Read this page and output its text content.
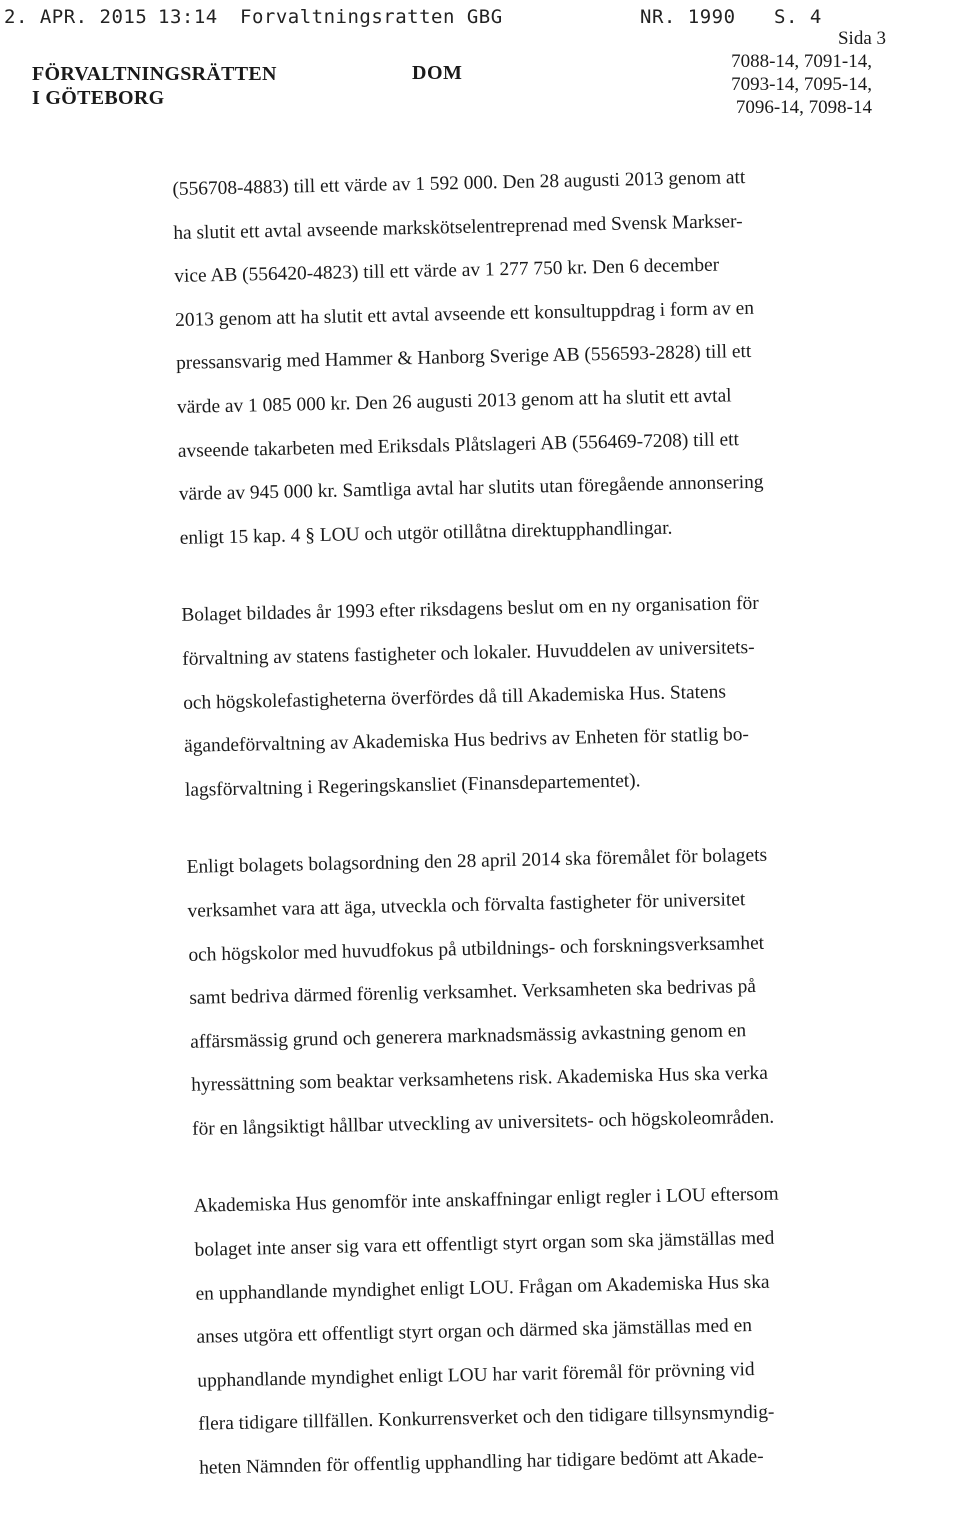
2. APR. 2015 13:14 Forvaltningsratten GBG	NR. 1990 S. 4
FÖRVALTNINGSRÄTTEN
I GÖTEBORG
DOM
Sida 3
7088-14, 7091-14,
7093-14, 7095-14,
7096-14, 7098-14
(556708-4883) till ett värde av 1 592 000. Den 28 augusti 2013 genom att
ha slutit ett avtal avseende markskötselentreprenad med Svensk Markser-
vice AB (556420-4823) till ett värde av 1 277 750 kr. Den 6 december
2013 genom att ha slutit ett avtal avseende ett konsultuppdrag i form av en
pressansvarig med Hammer & Hanborg Sverige AB (556593-2828) till ett
värde av 1 085 000 kr. Den 26 augusti 2013 genom att ha slutit ett avtal
avseende takarbeten med Eriksdals Plåtslageri AB (556469-7208) till ett
värde av 945 000 kr. Samtliga avtal har slutits utan föregående annonsering
enligt 15 kap. 4 § LOU och utgör otillåtna direktupphandlingar.
Bolaget bildades år 1993 efter riksdagens beslut om en ny organisation för
förvaltning av statens fastigheter och lokaler. Huvuddelen av universitets-
och högskolefastigheterna överfördes då till Akademiska Hus. Statens
ägandeförvaltning av Akademiska Hus bedrivs av Enheten för statlig bo-
lagsförvaltning i Regeringskansliet (Finansdepartementet).
Enligt bolagets bolagsordning den 28 april 2014 ska föremålet för bolagets
verksamhet vara att äga, utveckla och förvalta fastigheter för universitet
och högskolor med huvudfokus på utbildnings- och forskningsverksamhet
samt bedriva därmed förenlig verksamhet. Verksamheten ska bedrivas på
affärsmässig grund och generera marknadsmässig avkastning genom en
hyressättning som beaktar verksamhetens risk. Akademiska Hus ska verka
för en långsiktigt hållbar utveckling av universitets- och högskoleområden.
Akademiska Hus genomför inte anskaffningar enligt regler i LOU eftersom
bolaget inte anser sig vara ett offentligt styrt organ som ska jämställas med
en upphandlande myndighet enligt LOU. Frågan om Akademiska Hus ska
anses utgöra ett offentligt styrt organ och därmed ska jämställas med en
upphandlande myndighet enligt LOU har varit föremål för prövning vid
flera tidigare tillfällen. Konkurrensverket och den tidigare tillsynsmyndig-
heten Nämnden för offentlig upphandling har tidigare bedömt att Akade-
